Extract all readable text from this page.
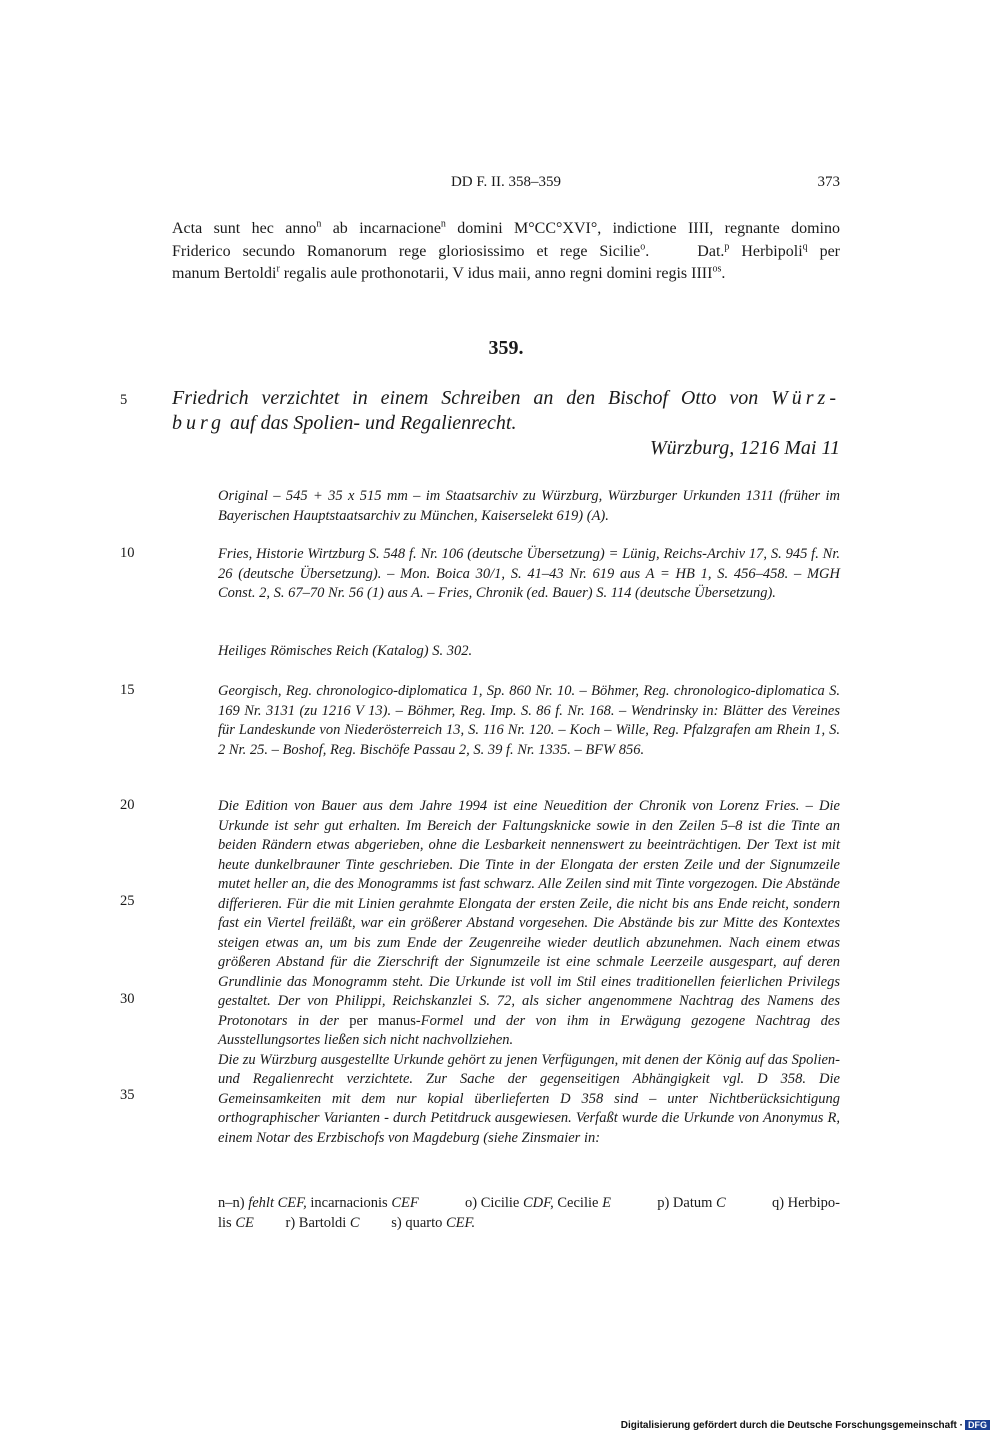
DD F. II. 358–359	373

Acta sunt hec anno$^n$ ab incarnacione$^n$ domini M°CC°XVI°, indictione IIII, regnante domino

Friderico secundo Romanorum rege gloriosissimo et rege Sicilie$^o$.	Dat.$^p$ Herbipoli$^q$ per

manum Bertoldi$^r$ regalis aule prothonotarii, V idus maii, anno regni domini regis $IIII^{os}$.

359.
Friedrich verzichtet in einem Schreiben an den Bischof Otto von Würz-
burg auf das Spolien- und Regalienrecht.
Würzburg, 1216 Mai 11
5
10
15
20
25
30
35

Original – 545 + 35 x 515 mm – im Staatsarchiv zu Würzburg, Würzburger Urkunden 1311 (früher im Bayerischen Hauptstaatsarchiv zu München, Kaiserselekt 619) (A).

Fries, Historie Wirtzburg S. 548 f. Nr. 106 (deutsche Übersetzung) = Lünig, Reichs-Archiv 17, S. 945 f. Nr. 26 (deutsche Übersetzung). – Mon. Boica 30/1, S. 41–43 Nr. 619 aus A = HB 1, S. 456–458. – MGH Const. 2, S. 67–70 Nr. 56 (1) aus A. – Fries, Chronik (ed. Bauer) S. 114 (deutsche Übersetzung).

Heiliges Römisches Reich (Katalog) S. 302.

Georgisch, Reg. chronologico-diplomatica 1, Sp. 860 Nr. 10. – Böhmer, Reg. chronologico-diplomatica S. 169 Nr. 3131 (zu 1216 V 13). – Böhmer, Reg. Imp. S. 86 f. Nr. 168. – Wendrinsky in: Blätter des Vereines für Landeskunde von Niederösterreich 13, S. 116 Nr. 120. – Koch – Wille, Reg. Pfalzgrafen am Rhein 1, S. 2 Nr. 25. – Boshof, Reg. Bischöfe Passau 2, S. 39 f. Nr. 1335. – BFW 856.

Die Edition von Bauer aus dem Jahre 1994 ist eine Neuedition der Chronik von Lorenz Fries. – Die Urkunde ist sehr gut erhalten. Im Bereich der Faltungsknicke sowie in den Zeilen 5–8 ist die Tinte an beiden Rändern etwas abgerieben, ohne die Lesbarkeit nennenswert zu beeinträchtigen. Der Text ist mit heute dunkelbrauner Tinte geschrieben. Die Tinte in der Elongata der ersten Zeile und der Signumzeile mutet heller an, die des Monogramms ist fast schwarz. Alle Zeilen sind mit Tinte vorgezogen. Die Abstände differieren. Für die mit Linien gerahmte Elongata der ersten Zeile, die nicht bis ans Ende reicht, sondern fast ein Viertel freiläßt, war ein größerer Abstand vorgesehen. Die Abstände bis zur Mitte des Kontextes steigen etwas an, um bis zum Ende der Zeugenreihe wieder deutlich abzunehmen. Nach einem etwas größeren Abstand für die Zierschrift der Signumzeile ist eine schmale Leerzeile ausgespart, auf deren Grundlinie das Monogramm steht. Die Urkunde ist voll im Stil eines traditionellen feierlichen Privilegs gestaltet. Der von Philippi, Reichskanzlei S. 72, als sicher angenommene Nachtrag des Namens des Protonotars in der per manus-Formel und der von ihm in Erwägung gezogene Nachtrag des Ausstellungsortes ließen sich nicht nachvollziehen.
Die zu Würzburg ausgestellte Urkunde gehört zu jenen Verfügungen, mit denen der König auf das Spolien- und Regalienrecht verzichtete. Zur Sache der gegenseitigen Abhängigkeit vgl. D 358. Die Gemeinsamkeiten mit dem nur kopial überlieferten D 358 sind – unter Nichtberücksichtigung orthographischer Varianten - durch Petitdruck ausgewiesen. Verfaßt wurde die Urkunde von Anonymus R, einem Notar des Erzbischofs von Magdeburg (siehe Zinsmaier in:
n–n) fehlt CEF, incarnacionis CEF	o) Cicilie CDF, Cecilie E	p) Datum C	q) Herbipo-
lis CE r) Bartoldi C s) quarto CEF.
Digitalisierung gefördert durch die Deutsche Forschungsgemeinschaft · DFG
